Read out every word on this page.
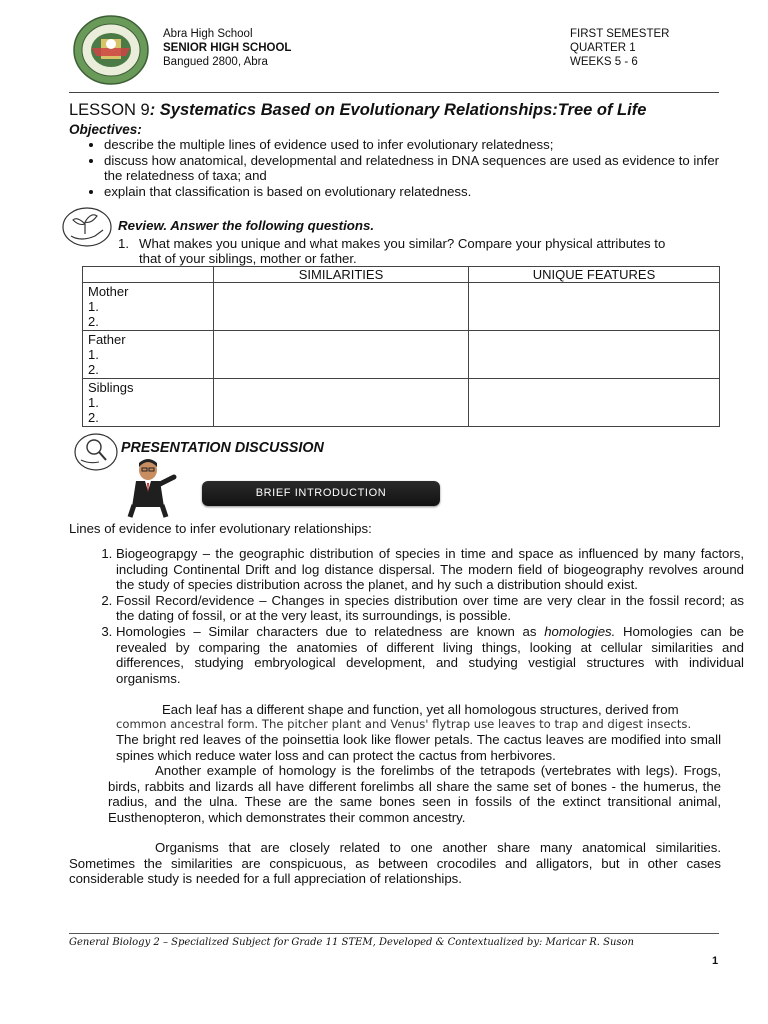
Abra High School
SENIOR HIGH SCHOOL
Bangued 2800, Abra
FIRST SEMESTER
QUARTER 1
WEEKS 5 - 6
LESSON 9: Systematics Based on Evolutionary Relationships:Tree of Life
Objectives:
• describe the multiple lines of evidence used to infer evolutionary relatedness;
• discuss how anatomical, developmental and relatedness in DNA sequences are used as evidence to infer the relatedness of taxa; and
• explain that classification is based on evolutionary relatedness.
Review. Answer the following questions.
1. What makes you unique and what makes you similar? Compare your physical attributes to
that of your siblings, mother or father.
	SIMILARITIES	UNIQUE FEATURES

Mother
1.
2.		

Father
1.
2.		

Siblings
1.
2.		

PRESENTATION DISCUSSION
BRIEF INTRODUCTION
Lines of evidence to infer evolutionary relationships:
1. Biogeograpgy – the geographic distribution of species in time and space as influenced by many factors, including Continental Drift and log distance dispersal. The modern field of biogeography revolves around the study of species distribution across the planet, and hy such a distribution should exist.
2. Fossil Record/evidence – Changes in species distribution over time are very clear in the fossil record; as the dating of fossil, or at the very least, its surroundings, is possible.
3. Homologies – Similar characters due to relatedness are known as homologies. Homologies can be revealed by comparing the anatomies of different living things, looking at cellular similarities and differences, studying embryological development, and studying vestigial structures with individual organisms.
Each leaf has a different shape and function, yet all homologous structures, derived from
common ancestral form. The pitcher plant and Venus' flytrap use leaves to trap and digest insects.
The bright red leaves of the poinsettia look like flower petals. The cactus leaves are modified into small spines which reduce water loss and can protect the cactus from herbivores.
Another example of homology is the forelimbs of the tetrapods (vertebrates with legs). Frogs, birds, rabbits and lizards all have different forelimbs all share the same set of bones - the humerus, the radius, and the ulna. These are the same bones seen in fossils of the extinct transitional animal, Eusthenopteron, which demonstrates their common ancestry.
Organisms that are closely related to one another share many anatomical similarities. Sometimes the similarities are conspicuous, as between crocodiles and alligators, but in other cases considerable study is needed for a full appreciation of relationships.
General Biology 2 – Specialized Subject for Grade 11 STEM, Developed & Contextualized by: Maricar R. Suson
1
